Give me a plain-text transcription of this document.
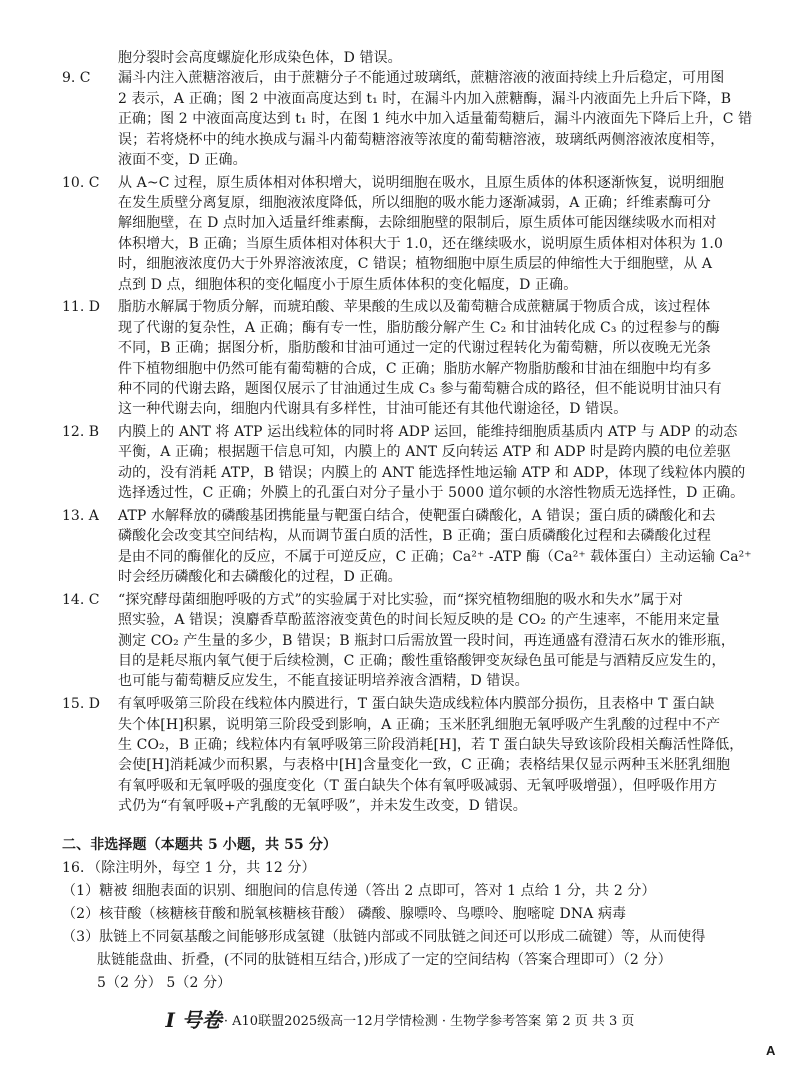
胞分裂时会高度螺旋化形成染色体，D 错误。
9. C 漏斗内注入蔗糖溶液后，由于蔗糖分子不能通过玻璃纸，蔗糖溶液的液面持续上升后稳定，可用图
2 表示，A 正确；图 2 中液面高度达到 t₁ 时，在漏斗内加入蔗糖酶，漏斗内液面先上升后下降，B
正确；图 2 中液面高度达到 t₁ 时，在图 1 纯水中加入适量葡萄糖后，漏斗内液面先下降后上升，C 错
误；若将烧杯中的纯水换成与漏斗内葡萄糖溶液等浓度的葡萄糖溶液，玻璃纸两侧溶液浓度相等，
液面不变，D 正确。
10. C 从 A~C 过程，原生质体相对体积增大，说明细胞在吸水，且原生质体的体积逐渐恢复，说明细胞
在发生质壁分离复原，细胞液浓度降低，所以细胞的吸水能力逐渐减弱，A 正确；纤维素酶可分
解细胞壁，在 D 点时加入适量纤维素酶，去除细胞壁的限制后，原生质体可能因继续吸水而相对
体积增大，B 正确；当原生质体相对体积大于 1.0，还在继续吸水，说明原生质体相对体积为 1.0
时，细胞液浓度仍大于外界溶液浓度，C 错误；植物细胞中原生质层的伸缩性大于细胞壁，从 A
点到 D 点，细胞体积的变化幅度小于原生质体体积的变化幅度，D 正确。
11. D 脂肪水解属于物质分解，而琥珀酸、苹果酸的生成以及葡萄糖合成蔗糖属于物质合成，该过程体
现了代谢的复杂性，A 正确；酶有专一性，脂肪酸分解产生 C₂ 和甘油转化成 C₃ 的过程参与的酶
不同，B 正确；据图分析，脂肪酸和甘油可通过一定的代谢过程转化为葡萄糖，所以夜晚无光条
件下植物细胞中仍然可能有葡萄糖的合成，C 正确；脂肪水解产物脂肪酸和甘油在细胞中均有多
种不同的代谢去路，题图仅展示了甘油通过生成 C₃ 参与葡萄糖合成的路径，但不能说明甘油只有
这一种代谢去向，细胞内代谢具有多样性，甘油可能还有其他代谢途径，D 错误。
12. B 内膜上的 ANT 将 ATP 运出线粒体的同时将 ADP 运回，能维持细胞质基质内 ATP 与 ADP 的动态
平衡，A 正确；根据题干信息可知，内膜上的 ANT 反向转运 ATP 和 ADP 时是跨内膜的电位差驱
动的，没有消耗 ATP，B 错误；内膜上的 ANT 能选择性地运输 ATP 和 ADP，体现了线粒体内膜的
选择透过性，C 正确；外膜上的孔蛋白对分子量小于 5000 道尔顿的水溶性物质无选择性，D 正确。
13. A ATP 水解释放的磷酸基团携能量与靶蛋白结合，使靶蛋白磷酸化，A 错误；蛋白质的磷酸化和去
磷酸化会改变其空间结构，从而调节蛋白质的活性，B 正确；蛋白质磷酸化过程和去磷酸化过程
是由不同的酶催化的反应，不属于可逆反应，C 正确；Ca²⁺ -ATP 酶（Ca²⁺ 载体蛋白）主动运输 Ca²⁺
时会经历磷酸化和去磷酸化的过程，D 正确。
14. C “探究酵母菌细胞呼吸的方式”的实验属于对比实验，而“探究植物细胞的吸水和失水”属于对
照实验，A 错误；溴麝香草酚蓝溶液变黄色的时间长短反映的是 CO₂ 的产生速率，不能用来定量
测定 CO₂ 产生量的多少，B 错误；B 瓶封口后需放置一段时间，再连通盛有澄清石灰水的锥形瓶，
目的是耗尽瓶内氧气便于后续检测，C 正确；酸性重铬酸钾变灰绿色虽可能是与酒精反应发生的，
也可能与葡萄糖反应发生，不能直接证明培养液含酒精，D 错误。
15. D 有氧呼吸第三阶段在线粒体内膜进行，T 蛋白缺失造成线粒体内膜部分损伤，且表格中 T 蛋白缺
失个体[H]积累，说明第三阶段受到影响，A 正确；玉米胚乳细胞无氧呼吸产生乳酸的过程中不产
生 CO₂，B 正确；线粒体内有氧呼吸第三阶段消耗[H]，若 T 蛋白缺失导致该阶段相关酶活性降低，
会使[H]消耗减少而积累，与表格中[H]含量变化一致，C 正确；表格结果仅显示两种玉米胚乳细胞
有氧呼吸和无氧呼吸的强度变化（T 蛋白缺失个体有氧呼吸减弱、无氧呼吸增强），但呼吸作用方
式仍为“有氧呼吸+产乳酸的无氧呼吸”，并未发生改变，D 错误。
二、非选择题（本题共 5 小题，共 55 分）
16．（除注明外，每空 1 分，共 12 分）
（1）糖被 细胞表面的识别、细胞间的信息传递（答出 2 点即可，答对 1 点给 1 分，共 2 分）
（2）核苷酸（核糖核苷酸和脱氧核糖核苷酸） 磷酸、腺嘌呤、鸟嘌呤、胞嘧啶 DNA 病毒
（3）肽链上不同氨基酸之间能够形成氢键（肽链内部或不同肽链之间还可以形成二硫键）等，从而使得
肽链能盘曲、折叠，(不同的肽链相互结合，)形成了一定的空间结构（答案合理即可）（2 分）
5（2 分） 5（2 分）
I 号卷 · A10联盟2025级高一12月学情检测 · 生物学参考答案 第 2 页 共 3 页
A
